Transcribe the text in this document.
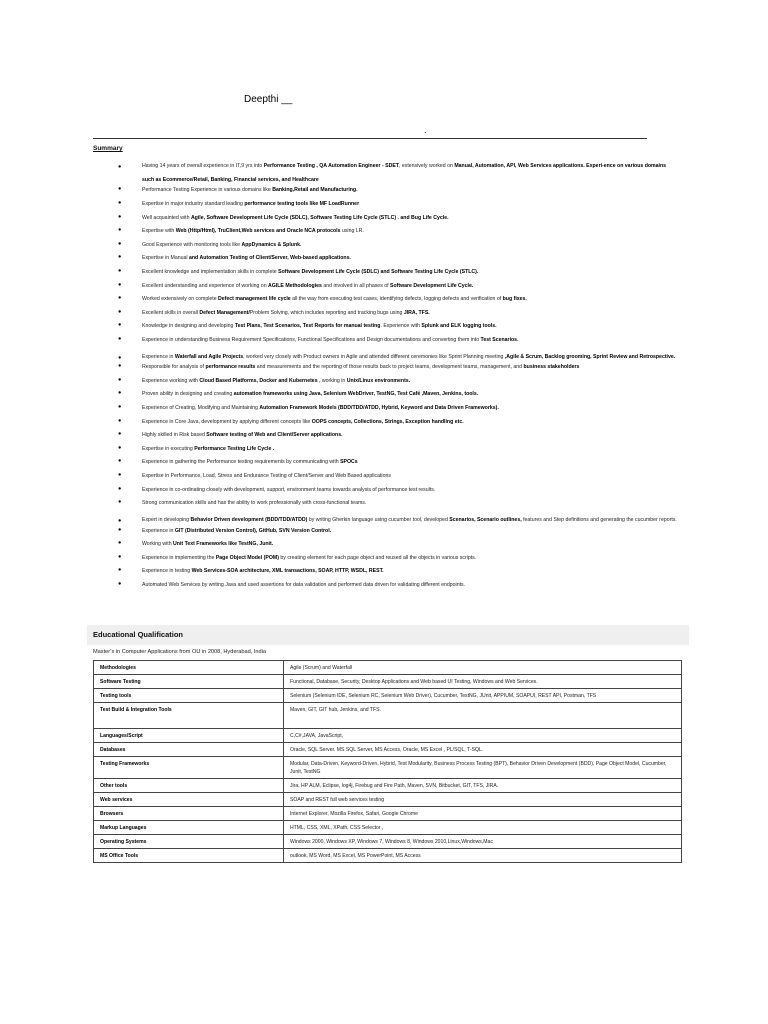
Deepthi __
.
Summary
● Having 14 years of overall experience in IT,9 yrs into Performance Testing , QA Automation Engineer - SDET, extensively worked on Manual, Automation, API, Web Services applications. Experi-ence on various domains such as Ecommerce/Retail, Banking, Financial services, and Healthcare
● Performance Testing Experience in various domains like Banking,Retail and Manufacturing.
● Expertise in major industry standard leading performance testing tools like MF LoadRunner
● Well acquainted with Agile, Software Development Life Cycle (SDLC), Software Testing Life Cycle (STLC) . and Bug Life Cycle.
● Expertise with Web (Http/Html), TruClient,Web services and Oracle NCA protocols using LR.
● Good Experience with monitoring tools like AppDynamics & Splunk.
● Expertise in Manual and Automation Testing of Client/Server, Web-based applications.
● Excellent knowledge and implementation skills in complete Software Development Life Cycle (SDLC) and Software Testing Life Cycle (STLC).
● Excellent understanding and experience of working on AGILE Methodologies and involved in all phases of Software Development Life Cycle.
● Worked extensively on complete Defect management life cycle all the way from executing test cases, identifying defects, logging defects and verification of bug fixes.
● Excellent skills in overall Defect Management/Problem Solving, which includes reporting and tracking bugs using JIRA, TFS.
● Knowledge in designing and developing Test Plans, Test Scenarios, Test Reports for manual testing. Experience with Splunk and ELK logging tools.
● Experience in understanding Business Requirement Specifications, Functional Specifications and Design documentations and converting them into Test Scenarios.
● Experience in Waterfall and Agile Projects, worked very closely with Product owners in Agile and attended different ceremonies like Sprint Planning meeting ,Agile & Scrum, Backlog grooming, Sprint Review and Retrospective.
● Responsible for analysis of performance results and measurements and the reporting of those results back to project teams, development teams, management, and business stakeholders
● Experience working with Cloud Based Platforms, Docker and Kubernetes , working in Unix/Linux environments.
● Proven ability in designing and creating automation frameworks using Java, Selenium WebDriver, TestNG, Test Café ,Maven, Jenkins, tools.
● Experience of Creating, Modifying and Maintaining Automation Framework Models (BDD/TDD/ATDD, Hybrid, Keyword and Data Driven Frameworks).
● Experience in Core Java, development by applying different concepts like OOPS concepts, Collections, Strings, Exception handling etc.
● Highly skilled in Risk based Software testing of Web and Client/Server applications.
● Expertise in executing Performance Testing Life Cycle .
● Experience in gathering the Performance testing requirements by communicating with SPOCs
● Expertise in Performance, Load, Stress and Endurance Testing of Client/Server and Web Based applications
● Experience in co-ordinating closely with development, support, environment teams towards analysis of performance test results.
● Strong communication skills and has the ability to work professionally with cross-functional teams.
● Expert in developing Behavior Driven development (BDD/TDD/ATDD) by writing Gherkin language using cucumber tool, developed Scenarios, Scenario outlines, features and Step definitions and generating the cucumber reports.
● Experience in GIT (Distributed Version Control), GitHub, SVN Version Control.
● Working with Unit Text Frameworks like TestNG, Junit.
● Experience in implementing the Page Object Model (POM) by creating element for each page object and reused all the objects in various scripts.
● Experience in testing Web Services-SOA architecture, XML transactions, SOAP, HTTP, WSDL, REST.
● Automated Web Services by writing Java and used assertions for data validation and performed data driven for validating different endpoints.
Educational Qualification
Master’s in Computer Applications from OU in 2008, Hyderabad, India
Methodologies	Agile (Scrum) and Waterfall
Software Testing	Functional, Database, Security, Desktop Applications and Web based UI Testing, Windows and Web Services.
Testing tools	Selenium (Selenium IDE, Selenium RC, Selenium Web Driver), Cucumber, TestNG, JUnit, APPIUM, SOAPUI, REST API, Postman, TFS
Test Build & Integration Tools	Maven, GIT, GIT hub, Jenkins, and TFS.
Languages/Script	C,C#,JAVA, JavaScript,
Databases	Oracle, SQL Server. MS SQL Server, MS Access, Oracle, MS Excel , PL/SQL, T-SQL.
Testing Frameworks	Modular, Data-Driven, Keyword-Driven, Hybrid, Test Modularity, Business Process Testing (BPT), Behavior Driven Development (BDD), Page Object Model, Cucumber, Junit, TestNG
Other tools	Jira, HP ALM, Eclipse, log4j, Firebug and Fire Path, Maven, SVN, Bitbucket, GIT, TFS, JIRA.
Web services	SOAP and REST full web services testing
Browsers	Internet Explorer, Mozilla Firefox, Safari, Google Chrome
Markup Languages	HTML, CSS, XML, XPath, CSS Selector ,
Operating Systems	Windows 2000, Windows XP, Windows 7, Windows 8, Windows 2010,Linux,Windows,Mac
MS Office Tools	outlook, MS Word, MS Excel, MS PowerPoint, MS Access
